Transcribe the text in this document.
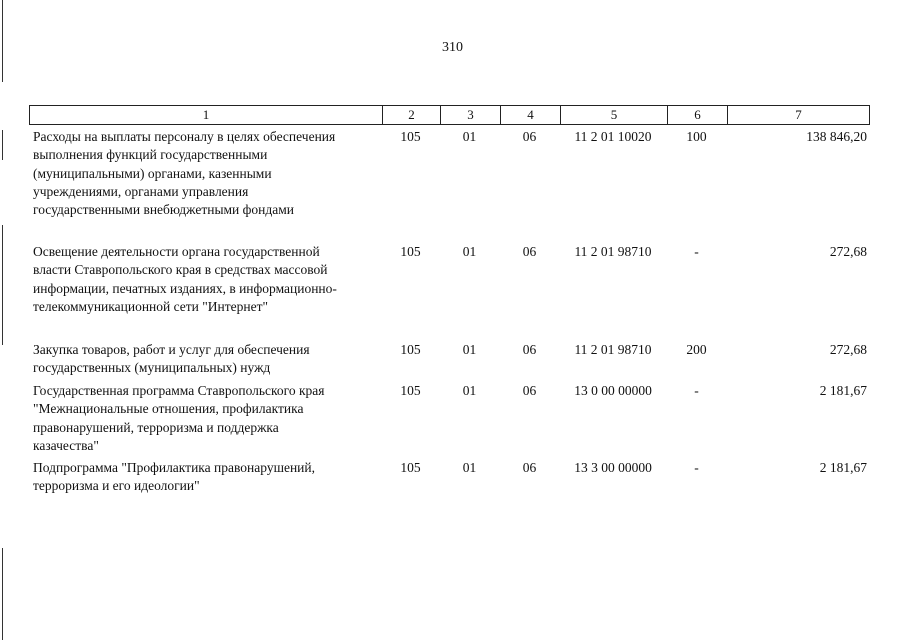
310
1	2	3	4	5	6	7
Расходы на выплаты персоналу в целях обеспечения
выполнения функций государственными
(муниципальными) органами, казенными
учреждениями, органами управления
государственными внебюджетными фондами
105	01	06	11 2 01 10020	100	138 846,20
Освещение деятельности органа государственной
власти Ставропольского края в средствах массовой
информации, печатных изданиях, в информационно-
телекоммуникационной сети "Интернет"
105	01	06	11 2 01 98710	-	272,68
Закупка товаров, работ и услуг для обеспечения
государственных (муниципальных) нужд
105	01	06	11 2 01 98710	200	272,68
Государственная программа Ставропольского края
"Межнациональные отношения, профилактика
правонарушений, терроризма и поддержка
казачества"
105	01	06	13 0 00 00000	-	2 181,67
Подпрограмма "Профилактика правонарушений,
терроризма и его идеологии"
105	01	06	13 3 00 00000	-	2 181,67
